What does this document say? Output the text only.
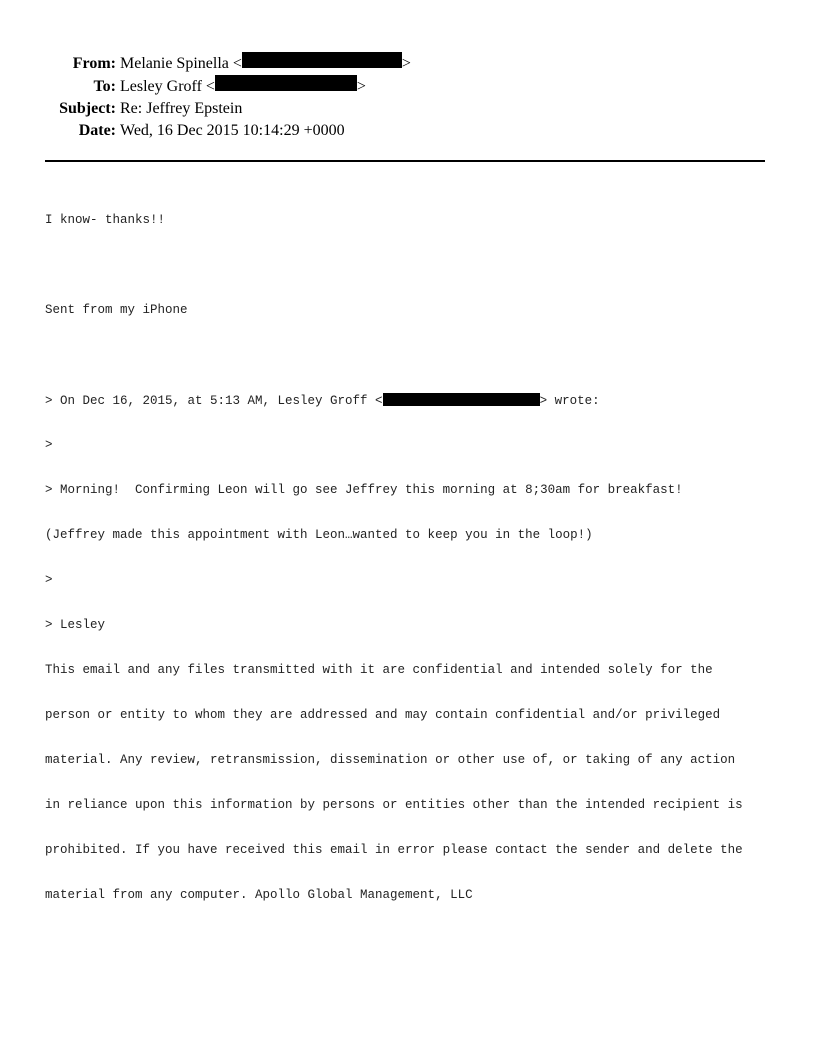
From: Melanie Spinella <	>
To: Lesley Groff <	>
Subject: Re: Jeffrey Epstein
Date: Wed, 16 Dec 2015 10:14:29 +0000

I know- thanks!!

Sent from my iPhone

> On Dec 16, 2015, at 5:13 AM, Lesley Groff <	> wrote:

>

> Morning!  Confirming Leon will go see Jeffrey this morning at 8;30am for breakfast!

(Jeffrey made this appointment with Leon…wanted to keep you in the loop!)

>

> Lesley

This email and any files transmitted with it are confidential and intended solely for the

person or entity to whom they are addressed and may contain confidential and/or privileged

material. Any review, retransmission, dissemination or other use of, or taking of any action

in reliance upon this information by persons or entities other than the intended recipient is

prohibited. If you have received this email in error please contact the sender and delete the

material from any computer. Apollo Global Management, LLC
